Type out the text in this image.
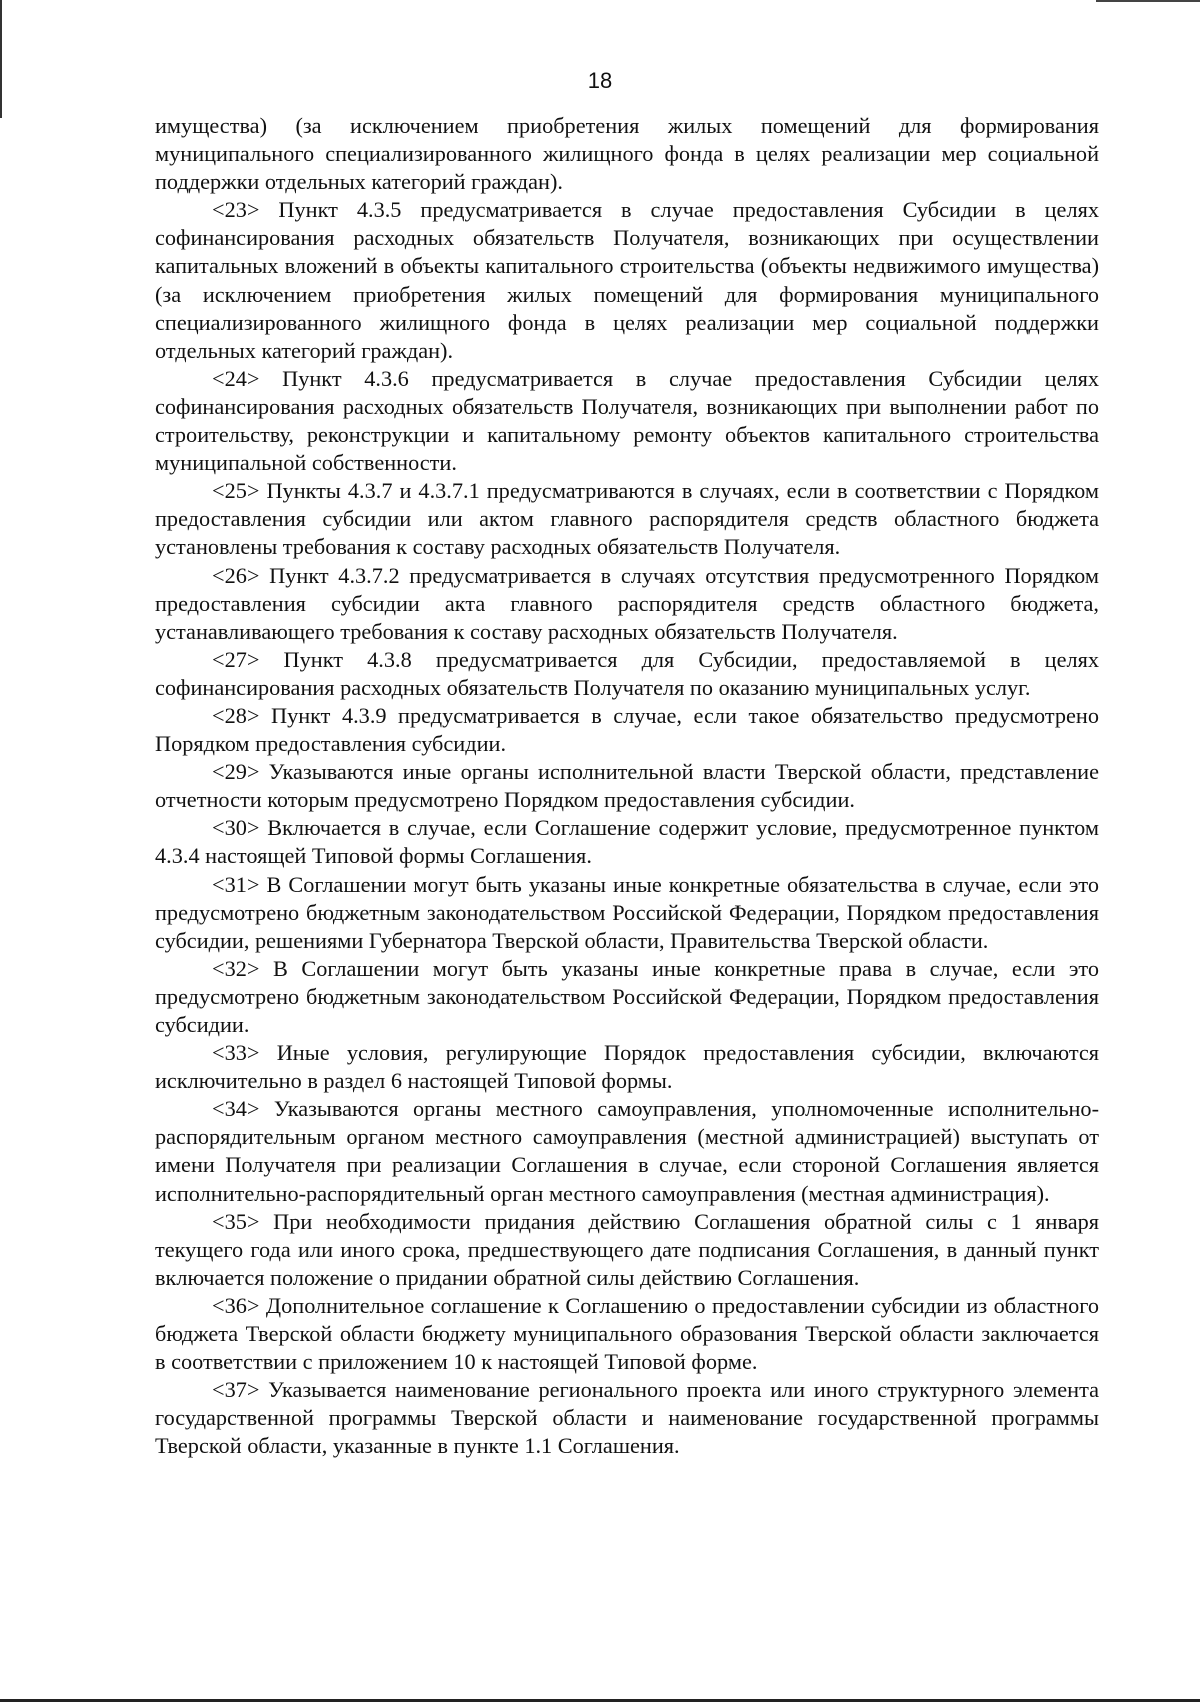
18

имущества) (за исключением приобретения жилых помещений для формирования муниципального специализированного жилищного фонда в целях реализации мер социальной поддержки отдельных категорий граждан).

<23> Пункт 4.3.5 предусматривается в случае предоставления Субсидии в целях софинансирования расходных обязательств Получателя, возникающих при осуществлении капитальных вложений в объекты капитального строительства (объекты недвижимого имущества) (за исключением приобретения жилых помещений для формирования муниципального специализированного жилищного фонда в целях реализации мер социальной поддержки отдельных категорий граждан).

<24> Пункт 4.3.6 предусматривается в случае предоставления Субсидии целях софинансирования расходных обязательств Получателя, возникающих при выполнении работ по строительству, реконструкции и капитальному ремонту объектов капитального строительства муниципальной собственности.

<25> Пункты 4.3.7 и 4.3.7.1 предусматриваются в случаях, если в соответствии с Порядком предоставления субсидии или актом главного распорядителя средств областного бюджета установлены требования к составу расходных обязательств Получателя.

<26> Пункт 4.3.7.2 предусматривается в случаях отсутствия предусмотренного Порядком предоставления субсидии акта главного распорядителя средств областного бюджета, устанавливающего требования к составу расходных обязательств Получателя.

<27> Пункт 4.3.8 предусматривается для Субсидии, предоставляемой в целях софинансирования расходных обязательств Получателя по оказанию муниципальных услуг.

<28> Пункт 4.3.9 предусматривается в случае, если такое обязательство предусмотрено Порядком предоставления субсидии.

<29> Указываются иные органы исполнительной власти Тверской области, представление отчетности которым предусмотрено Порядком предоставления субсидии.

<30> Включается в случае, если Соглашение содержит условие, предусмотренное пунктом 4.3.4 настоящей Типовой формы Соглашения.

<31> В Соглашении могут быть указаны иные конкретные обязательства в случае, если это предусмотрено бюджетным законодательством Российской Федерации, Порядком предоставления субсидии, решениями Губернатора Тверской области, Правительства Тверской области.

<32> В Соглашении могут быть указаны иные конкретные права в случае, если это предусмотрено бюджетным законодательством Российской Федерации, Порядком предоставления субсидии.

<33> Иные условия, регулирующие Порядок предоставления субсидии, включаются исключительно в раздел 6 настоящей Типовой формы.

<34> Указываются органы местного самоуправления, уполномоченные исполнительно-распорядительным органом местного самоуправления (местной администрацией) выступать от имени Получателя при реализации Соглашения в случае, если стороной Соглашения является исполнительно-распорядительный орган местного самоуправления (местная администрация).

<35> При необходимости придания действию Соглашения обратной силы с 1 января текущего года или иного срока, предшествующего дате подписания Соглашения, в данный пункт включается положение о придании обратной силы действию Соглашения.

<36> Дополнительное соглашение к Соглашению о предоставлении субсидии из областного бюджета Тверской области бюджету муниципального образования Тверской области заключается в соответствии с приложением 10 к настоящей Типовой форме.

<37> Указывается наименование регионального проекта или иного структурного элемента государственной программы Тверской области и наименование государственной программы Тверской области, указанные в пункте 1.1 Соглашения.
